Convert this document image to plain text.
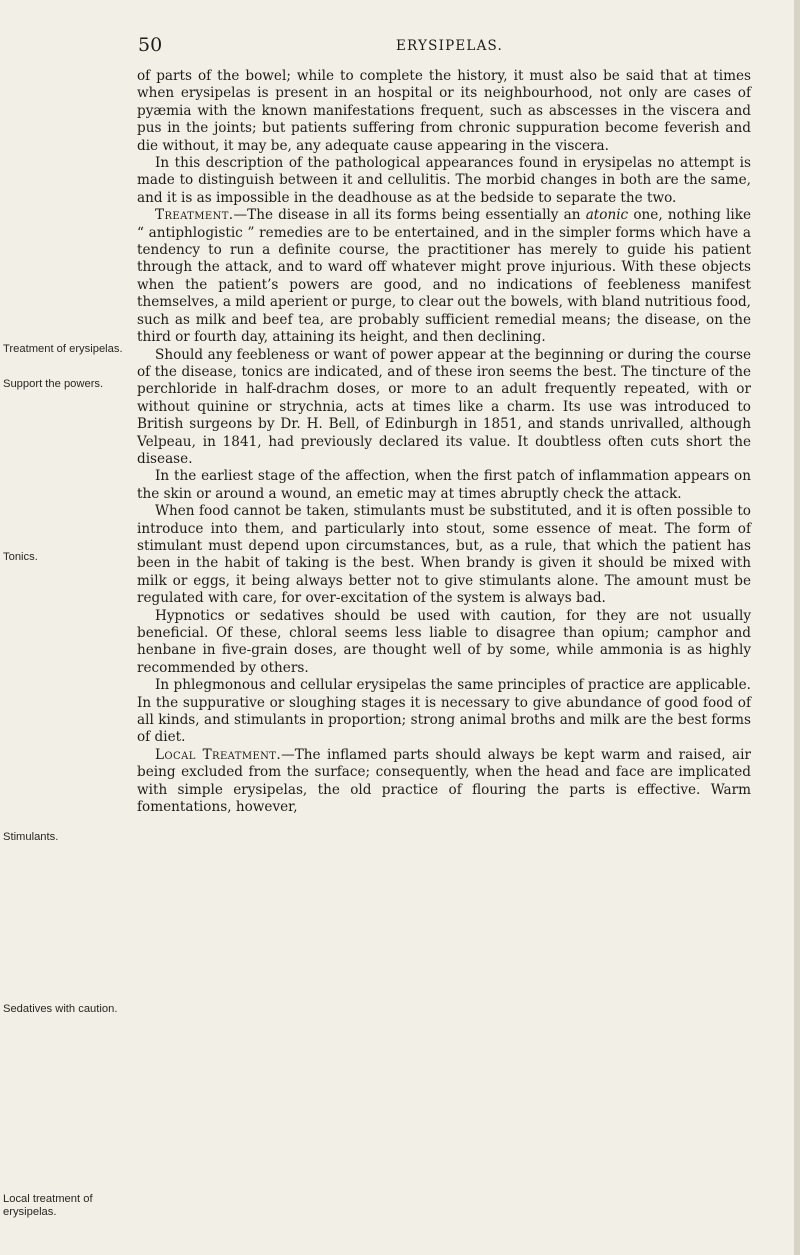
50	ERYSIPELAS.
Treatment of erysipelas.
Support the powers.
Tonics.
Stimulants.
Sedatives with caution.
Local treatment of erysipelas.

of parts of the bowel; while to complete the history, it must also be said that at times when erysipelas is present in an hospital or its neighbourhood, not only are cases of pyæmia with the known manifestations frequent, such as abscesses in the viscera and pus in the joints; but patients suffering from chronic suppuration become feverish and die without, it may be, any adequate cause appearing in the viscera.

In this description of the pathological appearances found in erysipelas no attempt is made to distinguish between it and cellulitis. The morbid changes in both are the same, and it is as impossible in the deadhouse as at the bedside to separate the two.

Treatment.—The disease in all its forms being essentially an atonic one, nothing like “ antiphlogistic ” remedies are to be entertained, and in the simpler forms which have a tendency to run a definite course, the practitioner has merely to guide his patient through the attack, and to ward off whatever might prove injurious. With these objects when the patient’s powers are good, and no indications of feebleness manifest themselves, a mild aperient or purge, to clear out the bowels, with bland nutritious food, such as milk and beef tea, are probably sufficient remedial means; the disease, on the third or fourth day, attaining its height, and then declining.

Should any feebleness or want of power appear at the beginning or during the course of the disease, tonics are indicated, and of these iron seems the best. The tincture of the perchloride in half-drachm doses, or more to an adult frequently repeated, with or without quinine or strychnia, acts at times like a charm. Its use was introduced to British surgeons by Dr. H. Bell, of Edinburgh in 1851, and stands unrivalled, although Velpeau, in 1841, had previously declared its value. It doubtless often cuts short the disease.

In the earliest stage of the affection, when the first patch of inflammation appears on the skin or around a wound, an emetic may at times abruptly check the attack.

When food cannot be taken, stimulants must be substituted, and it is often possible to introduce into them, and particularly into stout, some essence of meat. The form of stimulant must depend upon circumstances, but, as a rule, that which the patient has been in the habit of taking is the best. When brandy is given it should be mixed with milk or eggs, it being always better not to give stimulants alone. The amount must be regulated with care, for over-excitation of the system is always bad.

Hypnotics or sedatives should be used with caution, for they are not usually beneficial. Of these, chloral seems less liable to disagree than opium; camphor and henbane in five-grain doses, are thought well of by some, while ammonia is as highly recommended by others.

In phlegmonous and cellular erysipelas the same principles of practice are applicable. In the suppurative or sloughing stages it is necessary to give abundance of good food of all kinds, and stimulants in proportion; strong animal broths and milk are the best forms of diet.

Local Treatment.—The inflamed parts should always be kept warm and raised, air being excluded from the surface; consequently, when the head and face are implicated with simple erysipelas, the old practice of flouring the parts is effective. Warm fomentations, however,
